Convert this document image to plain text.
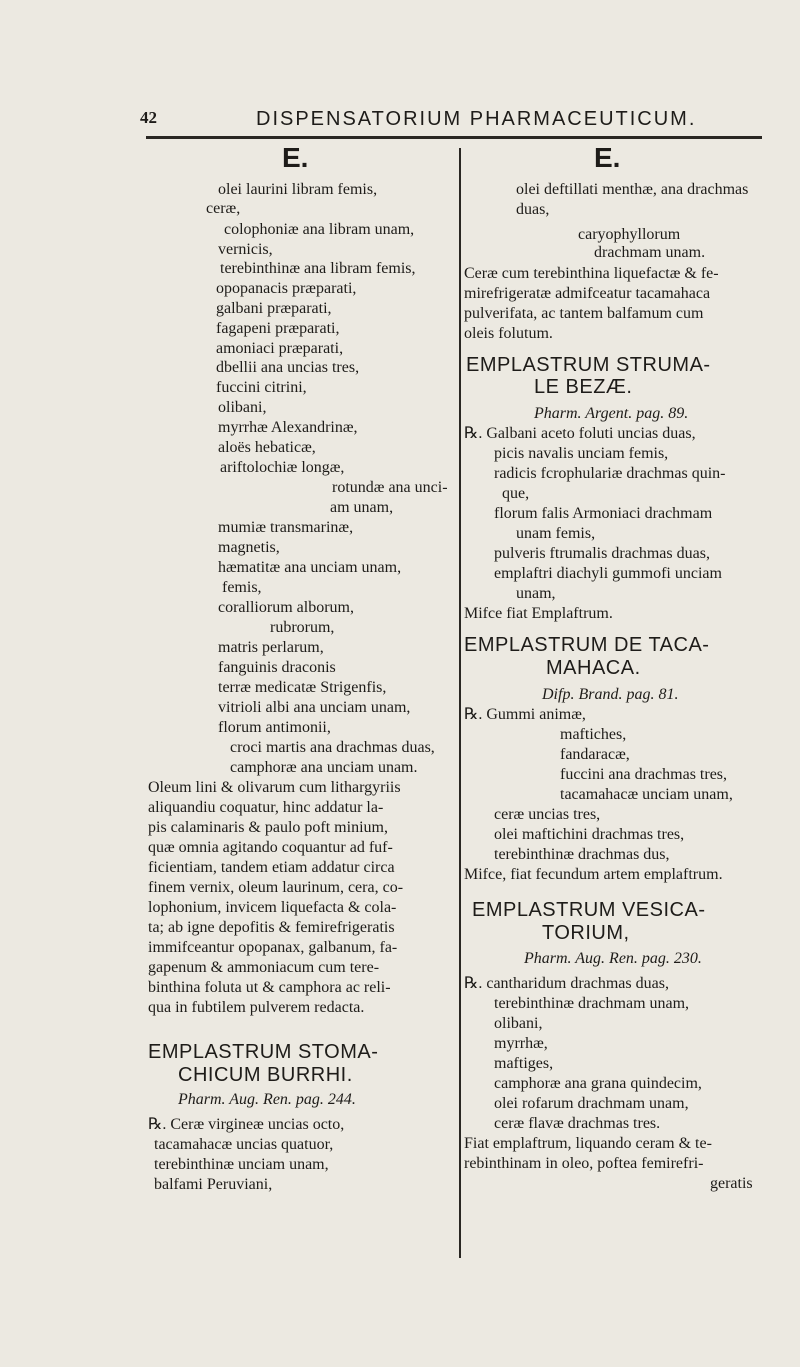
42	DISPENSATORIUM PHARMACEUTICUM.
E.	E.
olei laurini libram femis,
ceræ,
colophoniæ ana libram unam,
vernicis,
terebinthinæ ana libram femis,
opopanacis præparati,
galbani præparati,
fagapeni præparati,
amoniaci præparati,
dbellii ana uncias tres,
fuccini citrini,
olibani,
myrrhæ Alexandrinæ,
aloës hebaticæ,
ariftolochiæ longæ,
rotundæ ana unci-
am unam,
mumiæ transmarinæ,
magnetis,
hæmatitæ ana unciam unam,
femis,
coralliorum alborum,
rubrorum,
matris perlarum,
fanguinis draconis
terræ medicatæ Strigenfis,
vitrioli albi ana unciam unam,
florum antimonii,
croci martis ana drachmas duas,
camphoræ ana unciam unam.
Oleum lini & olivarum cum lithargyriis
aliquandiu coquatur, hinc addatur la-
pis calaminaris & paulo poft minium,
quæ omnia agitando coquantur ad fuf-
ficientiam, tandem etiam addatur circa
finem vernix, oleum laurinum, cera, co-
lophonium, invicem liquefacta & cola-
ta; ab igne depofitis & femirefrigeratis
immifceantur opopanax, galbanum, fa-
gapenum & ammoniacum cum tere-
binthina foluta ut & camphora ac reli-
qua in fubtilem pulverem redacta.
EMPLASTRUM STOMA-
CHICUM BURRHI.
Pharm. Aug. Ren. pag. 244.
℞. Ceræ virgineæ uncias octo,
tacamahacæ uncias quatuor,
terebinthinæ unciam unam,
balfami Peruviani,
olei deftillati menthæ, ana drachmas
duas,
caryophyllorum
drachmam unam.
Ceræ cum terebinthina liquefactæ & fe-
mirefrigeratæ admifceatur tacamahaca
pulverifata, ac tantem balfamum cum
oleis folutum.
EMPLASTRUM STRUMA-
LE BEZÆ.
Pharm. Argent. pag. 89.
℞. Galbani aceto foluti uncias duas,
picis navalis unciam femis,
radicis fcrophulariæ drachmas quin-
que,
florum falis Armoniaci drachmam
unam femis,
pulveris ftrumalis drachmas duas,
emplaftri diachyli gummofi unciam
unam,
Mifce fiat Emplaftrum.
EMPLASTRUM DE TACA-
MAHACA.
Difp. Brand. pag. 81.
℞. Gummi animæ,
maftiches,
fandaracæ,
fuccini ana drachmas tres,
tacamahacæ unciam unam,
ceræ uncias tres,
olei maftichini drachmas tres,
terebinthinæ drachmas dus,
Mifce, fiat fecundum artem emplaftrum.
EMPLASTRUM VESICA-
TORIUM,
Pharm. Aug. Ren. pag. 230.
℞. cantharidum drachmas duas,
terebinthinæ drachmam unam,
olibani,
myrrhæ,
maftiges,
camphoræ ana grana quindecim,
olei rofarum drachmam unam,
ceræ flavæ drachmas tres.
Fiat emplaftrum, liquando ceram & te-
rebinthinam in oleo, poftea femirefri-
geratis
